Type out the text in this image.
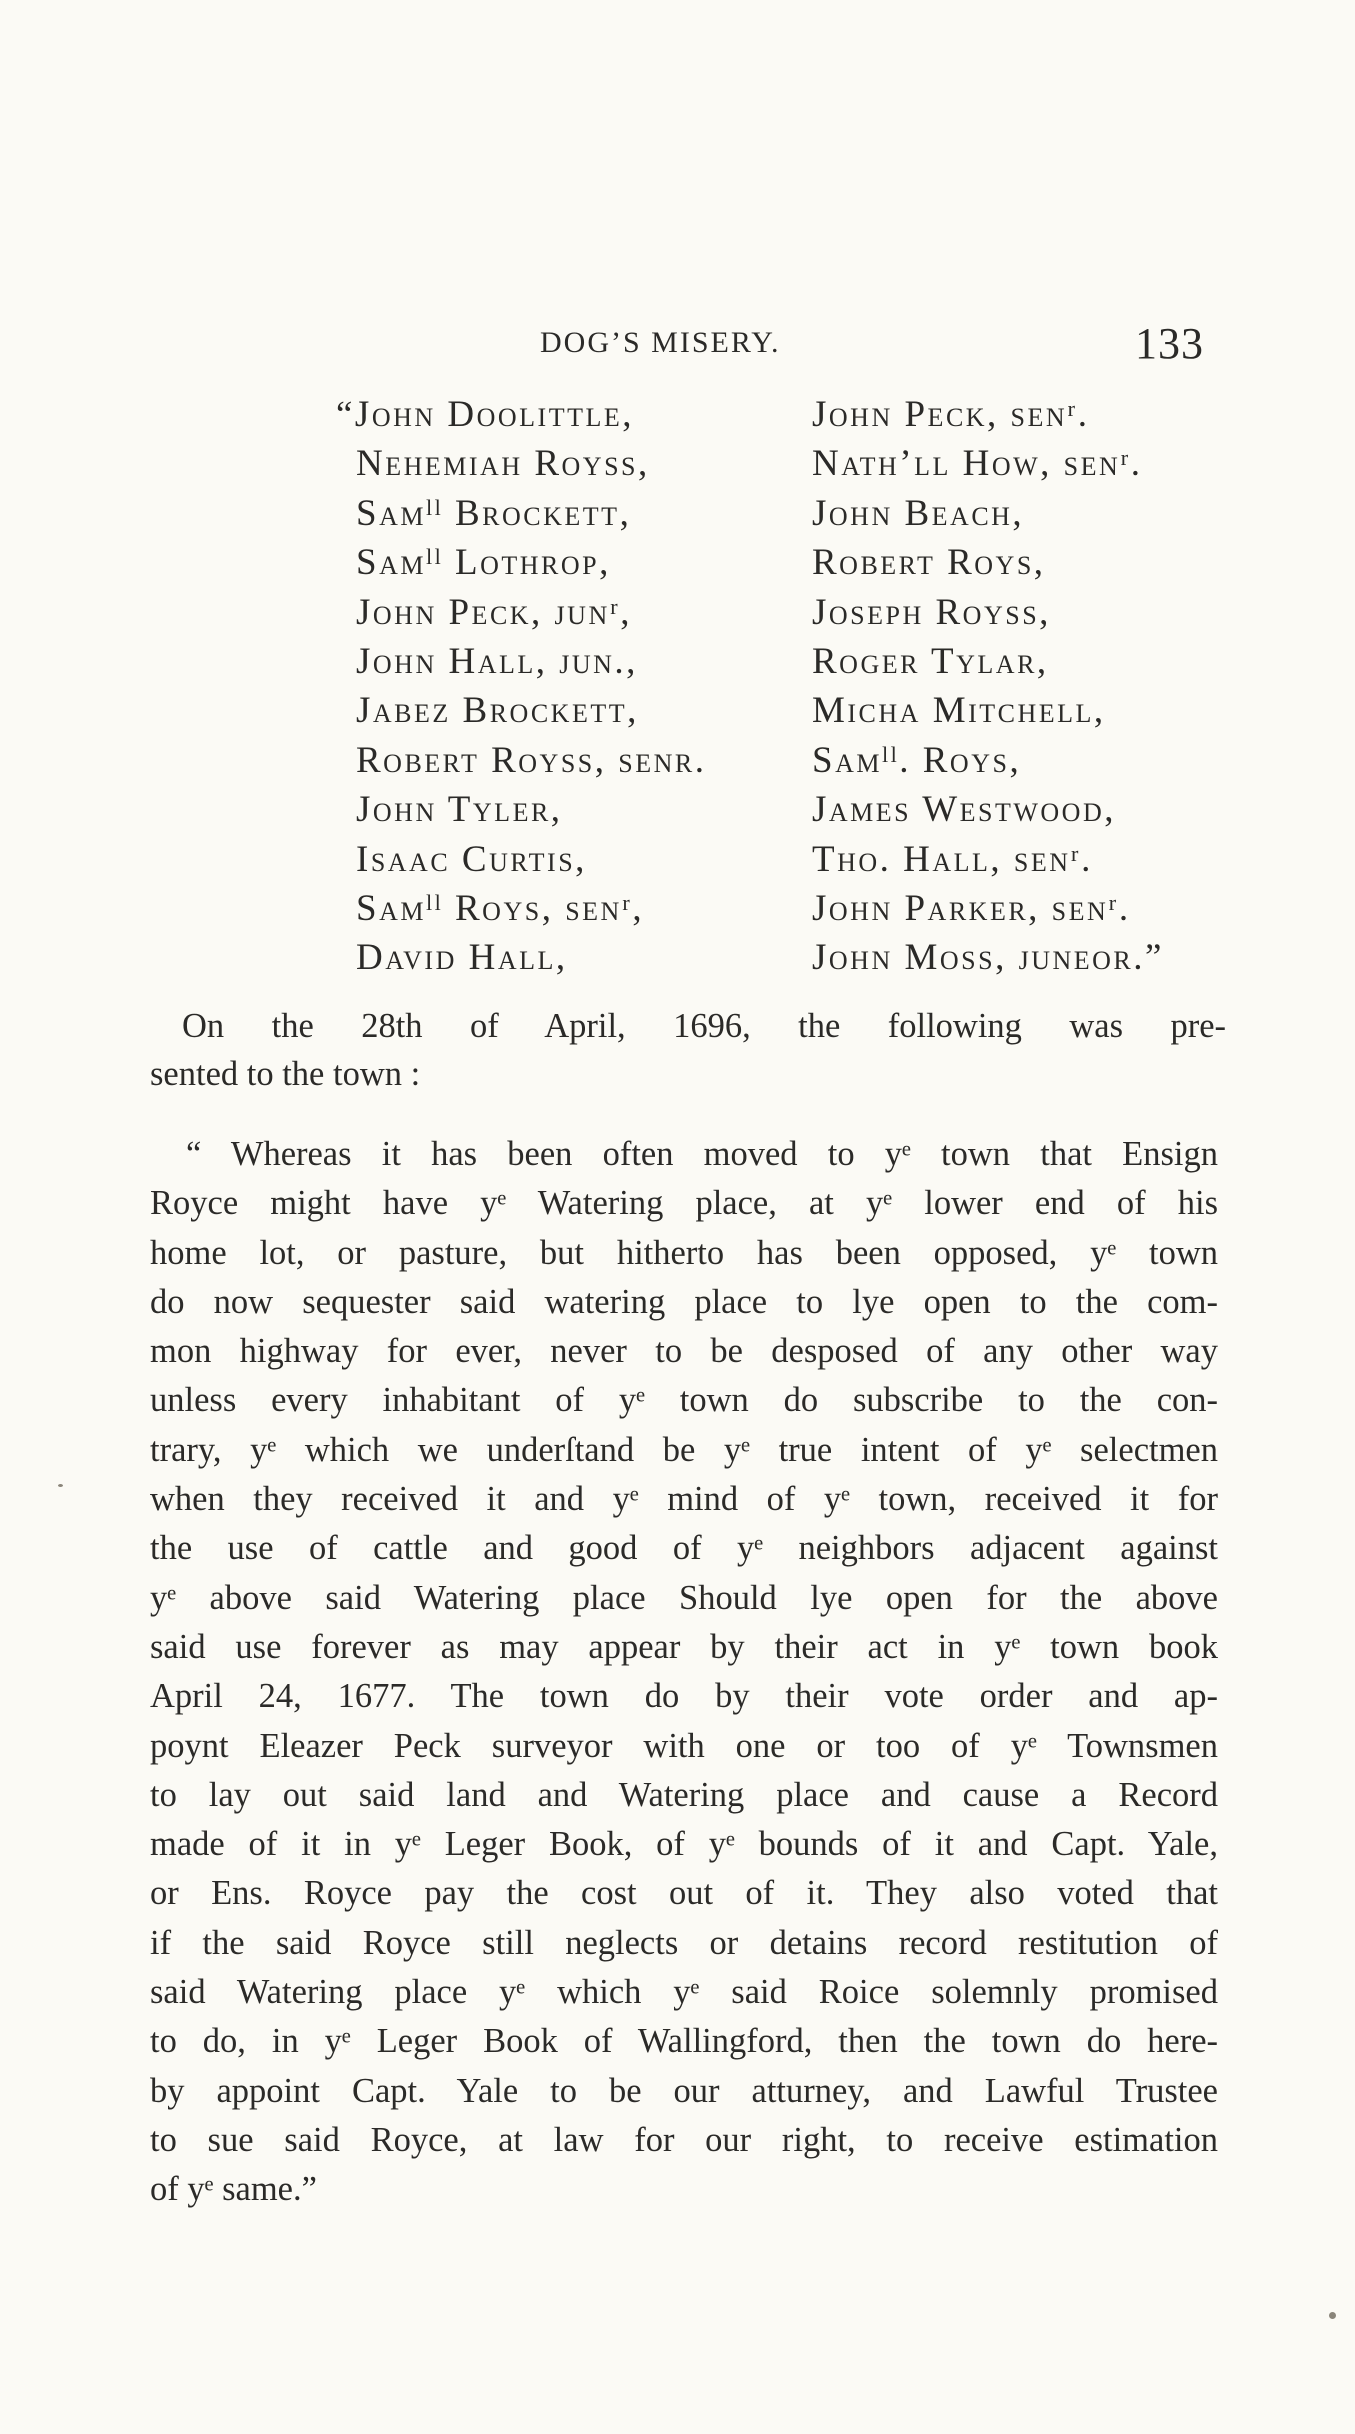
DOG’S MISERY.	133
“John Doolittle,
Nehemiah Royss,
Samˡˡ Brockett,
Samˡˡ Lothrop,
John Peck, junʳ,
John Hall, jun.,
Jabez Brockett,
Robert Royss, senr.
John Tyler,
Isaac Curtis,
Samˡˡ Roys, senʳ,
David Hall,
John Peck, senʳ.
Nath’ll How, senʳ.
John Beach,
Robert Roys,
Joseph Royss,
Roger Tylar,
Micha Mitchell,
Samˡˡ. Roys,
James Westwood,
Tho. Hall, senʳ.
John Parker, senʳ.
John Moss, juneor.”

On the 28th of April, 1696, the following was pre-
sented to the town :

“ Whereas it has been often moved to yᵉ town that Ensign
Royce might have yᵉ Watering place, at yᵉ lower end of his
home lot, or pasture, but hitherto has been opposed, yᵉ town
do now sequester said watering place to lye open to the com-
mon highway for ever, never to be desposed of any other way
unless every inhabitant of yᵉ town do subscribe to the con-
trary, yᵉ which we underſtand be yᵉ true intent of yᵉ selectmen
when they received it and yᵉ mind of yᵉ town, received it for
the use of cattle and good of yᵉ neighbors adjacent against
yᵉ above said Watering place Should lye open for the above
said use forever as may appear by their act in yᵉ town book
April 24, 1677. The town do by their vote order and ap-
poynt Eleazer Peck surveyor with one or too of yᵉ Townsmen
to lay out said land and Watering place and cause a Record
made of it in yᵉ Leger Book, of yᵉ bounds of it and Capt. Yale,
or Ens. Royce pay the cost out of it. They also voted that
if the said Royce still neglects or detains record restitution of
said Watering place yᵉ which yᵉ said Roice solemnly promised
to do, in yᵉ Leger Book of Wallingford, then the town do here-
by appoint Capt. Yale to be our atturney, and Lawful Trustee
to sue said Royce, at law for our right, to receive estimation
of yᵉ same.”
